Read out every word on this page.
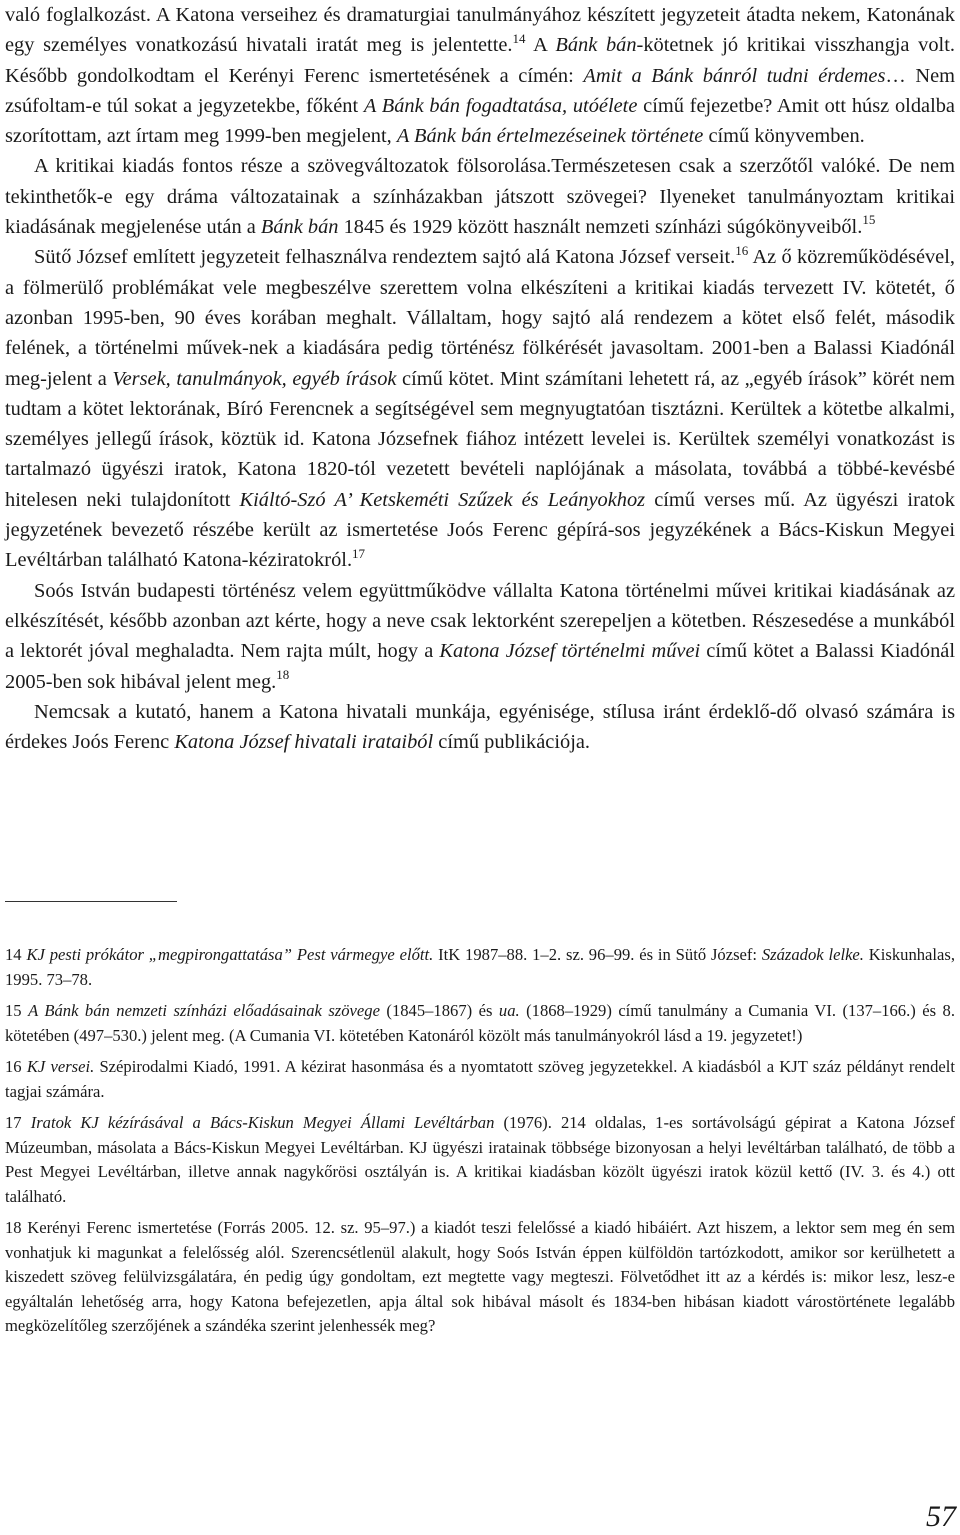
való foglalkozást. A Katona verseihez és dramaturgiai tanulmányához készített jegyzeteit átadta nekem, Katonának egy személyes vonatkozású hivatali iratát meg is jelentette.$^{14}$ A Bánk bán-kötetnek jó kritikai visszhangja volt. Később gondolkodtam el Kerényi Ferenc ismertetésének a címén: Amit a Bánk bánról tudni érdemes… Nem zsúfoltam-e túl sokat a jegyzetekbe, főként A Bánk bán fogadtatása, utóélete című fejezetbe? Amit ott húsz oldalba szorítottam, azt írtam meg 1999-ben megjelent, A Bánk bán értelmezéseinek története című könyvemben.

A kritikai kiadás fontos része a szövegváltozatok fölsorolása.Természetesen csak a szerzőtől valóké. De nem tekinthetők-e egy dráma változatainak a színházakban játszott szövegei? Ilyeneket tanulmányoztam kritikai kiadásának megjelenése után a Bánk bán 1845 és 1929 között használt nemzeti színházi súgókönyveiből.$^{15}$

Sütő József említett jegyzeteit felhasználva rendeztem sajtó alá Katona József verseit.$^{16}$ Az ő közreműködésével, a fölmerülő problémákat vele megbeszélve szerettem volna elkészíteni a kritikai kiadás tervezett IV. kötetét, ő azonban 1995-ben, 90 éves korában meghalt. Vállaltam, hogy sajtó alá rendezem a kötet első felét, második felének, a történelmi művek-nek a kiadására pedig történész fölkérését javasoltam. 2001-ben a Balassi Kiadónál meg-jelent a Versek, tanulmányok, egyéb írások című kötet. Mint számítani lehetett rá, az „egyéb írások” körét nem tudtam a kötet lektorának, Bíró Ferencnek a segítségével sem megnyugtatóan tisztázni. Kerültek a kötetbe alkalmi, személyes jellegű írások, köztük id. Katona Józsefnek fiához intézett levelei is. Kerültek személyi vonatkozást is tartalmazó ügyészi iratok, Katona 1820-tól vezetett bevételi naplójának a másolata, továbbá a többé-kevésbé hitelesen neki tulajdonított Kiáltó-Szó A’ Ketskeméti Szűzek és Leányokhoz című verses mű. Az ügyészi iratok jegyzetének bevezető részébe került az ismertetése Joós Ferenc gépírá-sos jegyzékének a Bács-Kiskun Megyei Levéltárban található Katona-kéziratokról.$^{17}$

Soós István budapesti történész velem együttműködve vállalta Katona történelmi művei kritikai kiadásának az elkészítését, később azonban azt kérte, hogy a neve csak lektorként szerepeljen a kötetben. Részesedése a munkából a lektorét jóval meghaladta. Nem rajta múlt, hogy a Katona József történelmi művei című kötet a Balassi Kiadónál 2005-ben sok hibával jelent meg.$^{18}$

Nemcsak a kutató, hanem a Katona hivatali munkája, egyénisége, stílusa iránt érdeklő-dő olvasó számára is érdekes Joós Ferenc Katona József hivatali irataiból című publikációja.

14 KJ pesti prókátor „megpirongattatása” Pest vármegye előtt. ItK 1987–88. 1–2. sz. 96–99. és in Sütő József: Századok lelke. Kiskunhalas, 1995. 73–78.

15 A Bánk bán nemzeti színházi előadásainak szövege (1845–1867) és ua. (1868–1929) című tanulmány a Cumania VI. (137–166.) és 8. kötetében (497–530.) jelent meg. (A Cumania VI. kötetében Katonáról közölt más tanulmányokról lásd a 19. jegyzetet!)

16 KJ versei. Szépirodalmi Kiadó, 1991. A kézirat hasonmása és a nyomtatott szöveg jegyzetekkel. A kiadásból a KJT száz példányt rendelt tagjai számára.

17 Iratok KJ kézírásával a Bács-Kiskun Megyei Állami Levéltárban (1976). 214 oldalas, 1-es sortávolságú gépirat a Katona József Múzeumban, másolata a Bács-Kiskun Megyei Levéltárban. KJ ügyészi iratainak többsége bizonyosan a helyi levéltárban található, de több a Pest Megyei Levéltárban, illetve annak nagykőrösi osztályán is. A kritikai kiadásban közölt ügyészi iratok közül kettő (IV. 3. és 4.) ott található.

18 Kerényi Ferenc ismertetése (Forrás 2005. 12. sz. 95–97.) a kiadót teszi felelőssé a kiadó hibáiért. Azt hiszem, a lektor sem meg én sem vonhatjuk ki magunkat a felelősség alól. Szerencsétlenül alakult, hogy Soós István éppen külföldön tartózkodott, amikor sor kerülhetett a kiszedett szöveg felülvizsgálatára, én pedig úgy gondoltam, ezt megtette vagy megteszi. Fölvetődhet itt az a kérdés is: mikor lesz, lesz-e egyáltalán lehetőség arra, hogy Katona befejezetlen, apja által sok hibával másolt és 1834-ben hibásan kiadott várostörténete legalább megközelítőleg szerzőjének a szándéka szerint jelenhessék meg?

57
